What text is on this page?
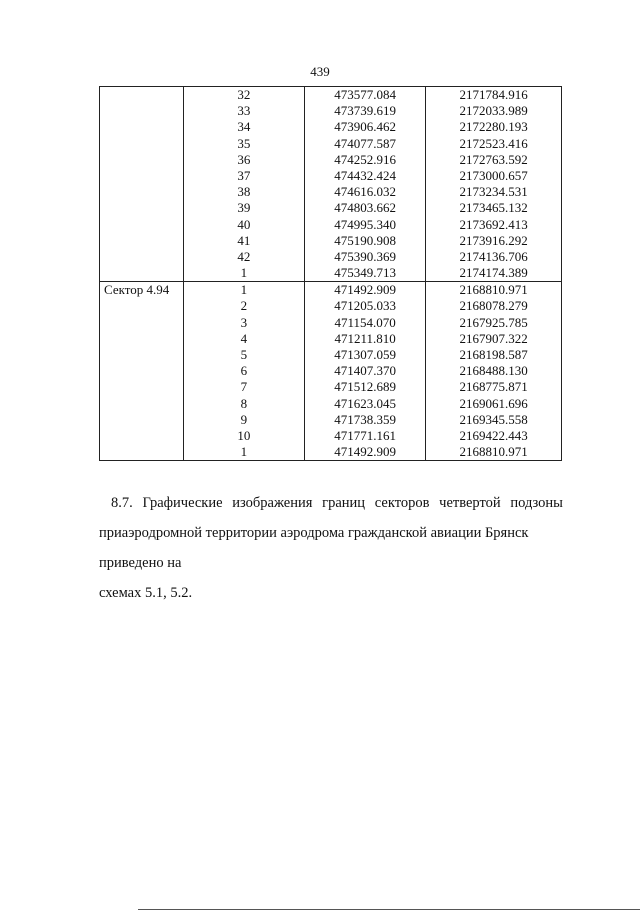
439
	32	473577.084	2171784.916
	33	473739.619	2172033.989
	34	473906.462	2172280.193
	35	474077.587	2172523.416
	36	474252.916	2172763.592
	37	474432.424	2173000.657
	38	474616.032	2173234.531
	39	474803.662	2173465.132
	40	474995.340	2173692.413
	41	475190.908	2173916.292
	42	475390.369	2174136.706
	1	475349.713	2174174.389
Сектор 4.94	1	471492.909	2168810.971
	2	471205.033	2168078.279
	3	471154.070	2167925.785
	4	471211.810	2167907.322
	5	471307.059	2168198.587
	6	471407.370	2168488.130
	7	471512.689	2168775.871
	8	471623.045	2169061.696
	9	471738.359	2169345.558
	10	471771.161	2169422.443
	1	471492.909	2168810.971

8.7. Графические изображения границ секторов четвертой подзоны

приаэродромной территории аэродрома гражданской авиации Брянск приведено на

схемах 5.1, 5.2.
